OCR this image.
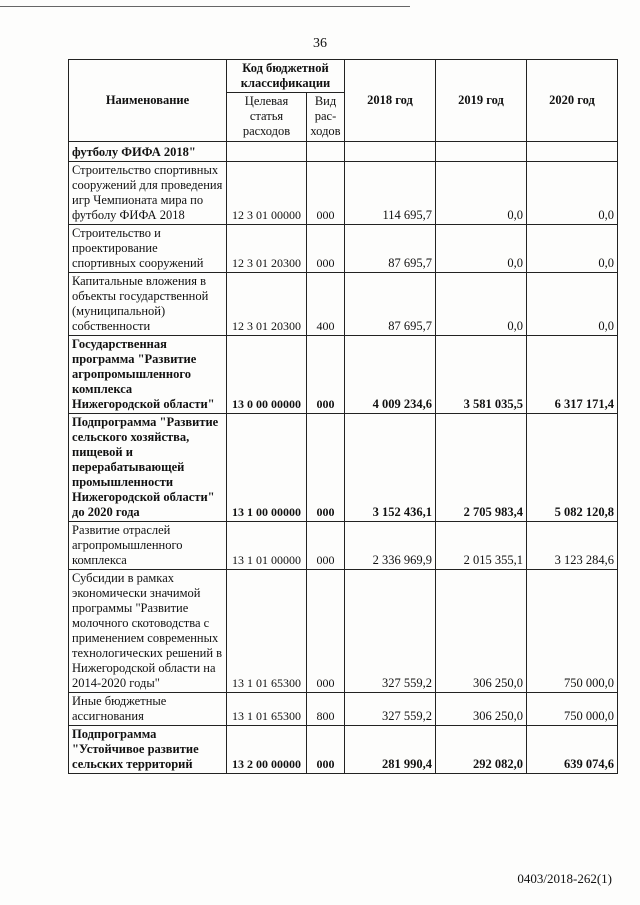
36
Наименование	Код бюджетной классификации		2018 год	2019 год	2020 год
	Целевая статья расходов	Вид рас-ходов			
футболу ФИФА 2018"					
Строительство спортивных сооружений для проведения игр Чемпионата мира по футболу ФИФА 2018	12 3 01 00000	000	114 695,7	0,0	0,0
Строительство и проектирование спортивных сооружений	12 3 01 20300	000	87 695,7	0,0	0,0
Капитальные вложения в объекты государственной (муниципальной) собственности	12 3 01 20300	400	87 695,7	0,0	0,0
Государственная программа "Развитие агропромышленного комплекса Нижегородской области"	13 0 00 00000	000	4 009 234,6	3 581 035,5	6 317 171,4
Подпрограмма "Развитие сельского хозяйства, пищевой и перерабатывающей промышленности Нижегородской области" до 2020 года	13 1 00 00000	000	3 152 436,1	2 705 983,4	5 082 120,8
Развитие отраслей агропромышленного комплекса	13 1 01 00000	000	2 336 969,9	2 015 355,1	3 123 284,6
Субсидии в рамках экономически значимой программы "Развитие молочного скотоводства с применением современных технологических решений в Нижегородской области на 2014-2020 годы"	13 1 01 65300	000	327 559,2	306 250,0	750 000,0
Иные бюджетные ассигнования	13 1 01 65300	800	327 559,2	306 250,0	750 000,0
Подпрограмма "Устойчивое развитие сельских территорий	13 2 00 00000	000	281 990,4	292 082,0	639 074,6
0403/2018-262(1)
